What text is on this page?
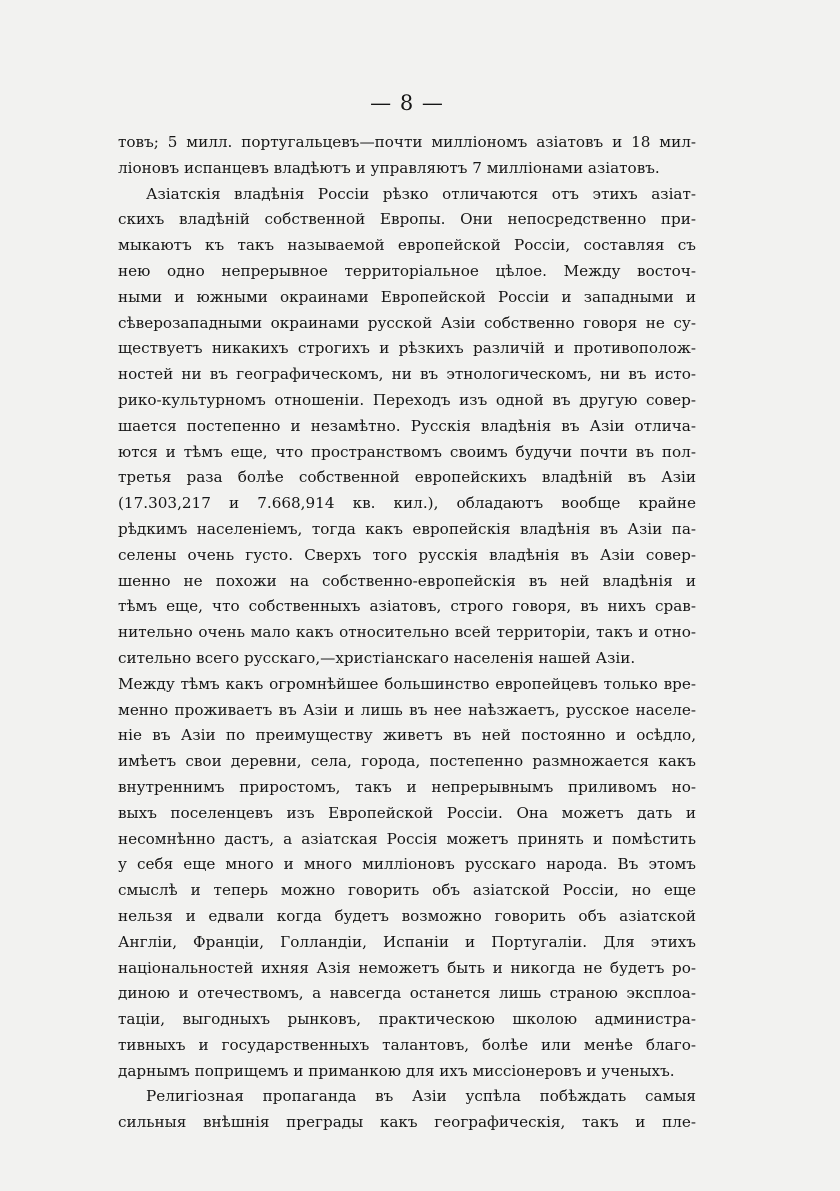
— 8 —
товъ; 5 милл. португальцевъ—почти милліономъ азіатовъ и 18 мил-
ліоновъ испанцевъ владѣютъ и управляютъ 7 милліонами азіатовъ.
Азіатскія владѣнія Россіи рѣзко отличаются отъ этихъ азіат-
скихъ владѣній собственной Европы. Они непосредственно при-
мыкаютъ къ такъ называемой европейской Россіи, составляя съ
нею одно непрерывное территоріальное цѣлое. Между восточ-
ными и южными окраинами Европейской Россіи и западными и
сѣверозападными окраинами русской Азіи собственно говоря не су-
ществуетъ никакихъ строгихъ и рѣзкихъ различій и противополож-
ностей ни въ географическомъ, ни въ этнологическомъ, ни въ исто-
рико-культурномъ отношеніи. Переходъ изъ одной въ другую совер-
шается постепенно и незамѣтно. Русскія владѣнія въ Азіи отлича-
ются и тѣмъ еще, что пространствомъ своимъ будучи почти въ пол-
третья раза болѣе собственной европейскихъ владѣній въ Азіи
(17.303,217 и 7.668,914 кв. кил.), обладаютъ вообще крайне
рѣдкимъ населеніемъ, тогда какъ европейскія владѣнія въ Азіи па-
селены очень густо. Сверхъ того русскія владѣнія въ Азіи совер-
шенно не похожи на собственно-европейскія въ ней владѣнія и
тѣмъ еще, что собственныхъ азіатовъ, строго говоря, въ нихъ срав-
нительно очень мало какъ относительно всей территоріи, такъ и отно-
сительно всего русскаго,—христіанскаго населенія нашей Азіи.
Между тѣмъ какъ огромнѣйшее большинство европейцевъ только вре-
менно проживаетъ въ Азіи и лишь въ нее наѣзжаетъ, русское населе-
ніе въ Азіи по преимуществу живетъ въ ней постоянно и осѣдло,
имѣетъ свои деревни, села, города, постепенно размножается какъ
внутреннимъ приростомъ, такъ и непрерывнымъ приливомъ но-
выхъ поселенцевъ изъ Европейской Россіи. Она можетъ дать и
несомнѣнно дастъ, а азіатская Россія можетъ принять и помѣстить
у себя еще много и много милліоновъ русскаго народа. Въ этомъ
смыслѣ и теперь можно говорить объ азіатской Россіи, но еще
нельзя и едвали когда будетъ возможно говорить объ азіатской
Англіи, Франціи, Голландіи, Испаніи и Португаліи. Для этихъ
національностей ихняя Азія неможетъ быть и никогда не будетъ ро-
диною и отечествомъ, а навсегда останется лишь страною эксплоа-
таціи, выгодныхъ рынковъ, практическою школою администра-
тивныхъ и государственныхъ талантовъ, болѣе или менѣе благо-
дарнымъ поприщемъ и приманкою для ихъ миссіонеровъ и ученыхъ.
Религіозная пропаганда въ Азіи успѣла побѣждать самыя
сильныя внѣшнія преграды какъ географическія, такъ и пле-
